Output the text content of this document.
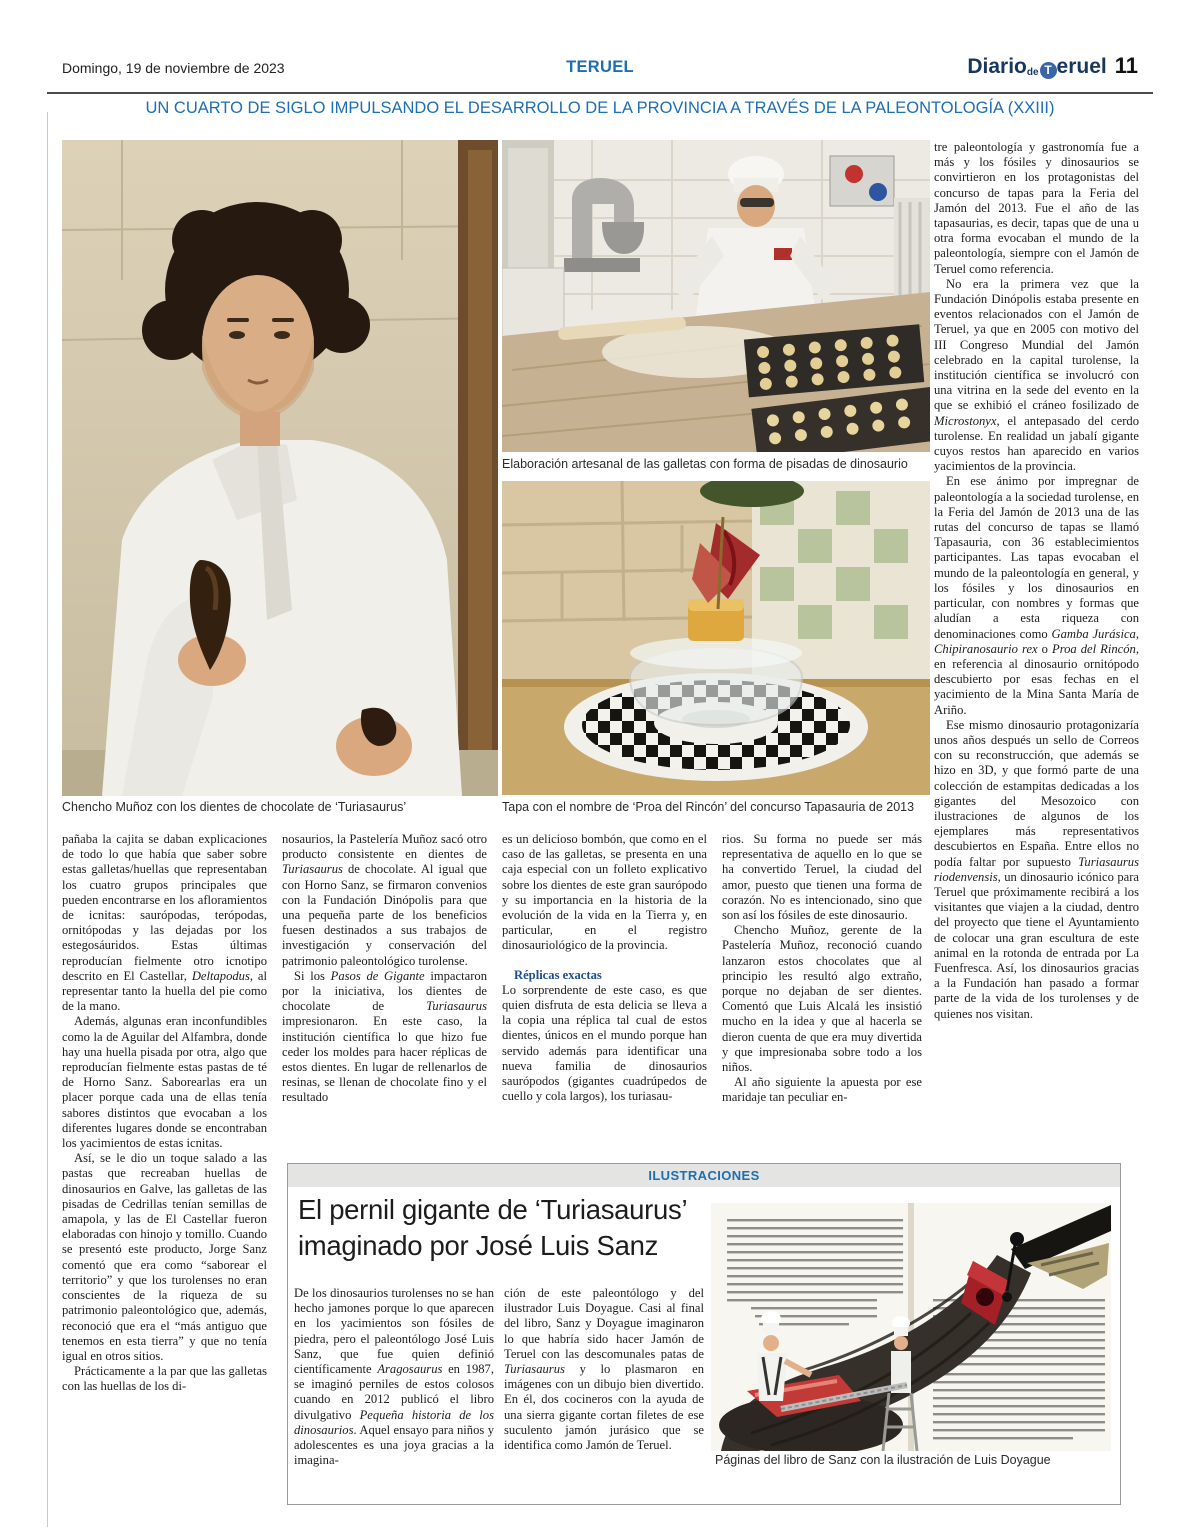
Domingo, 19 de noviembre de 2023	TERUEL	Diariode T eruel 11
UN CUARTO DE SIGLO IMPULSANDO EL DESARROLLO DE LA PROVINCIA A TRAVÉS DE LA PALEONTOLOGÍA (XXIII)
Chencho Muñoz con los dientes de chocolate de ‘Turiasaurus’
Elaboración artesanal de las galletas con forma de pisadas de dinosaurio
Tapa con el nombre de ‘Proa del Rincón’ del concurso Tapasauria de 2013

tre paleontología y gastronomía fue a más y los fósiles y dinosaurios se convirtieron en los protagonistas del concurso de tapas para la Feria del Jamón del 2013. Fue el año de las tapasaurias, es decir, tapas que de una u otra forma evocaban el mundo de la paleontología, siempre con el Jamón de Teruel como referencia.

No era la primera vez que la Fundación Dinópolis estaba presente en eventos relacionados con el Jamón de Teruel, ya que en 2005 con motivo del III Congreso Mundial del Jamón celebrado en la capital turolense, la institución científica se involucró con una vitrina en la sede del evento en la que se exhibió el cráneo fosilizado de Microstonyx, el antepasado del cerdo turolense. En realidad un jabalí gigante cuyos restos han aparecido en varios yacimientos de la provincia.

En ese ánimo por impregnar de paleontología a la sociedad turolense, en la Feria del Jamón de 2013 una de las rutas del concurso de tapas se llamó Tapasauria, con 36 establecimientos participantes. Las tapas evocaban el mundo de la paleontología en general, y los fósiles y los dinosaurios en particular, con nombres y formas que aludían a esta riqueza con denominaciones como Gamba Jurásica, Chipiranosaurio rex o Proa del Rincón, en referencia al dinosaurio ornitópodo descubierto por esas fechas en el yacimiento de la Mina Santa María de Ariño.

Ese mismo dinosaurio protagonizaría unos años después un sello de Correos con su reconstrucción, que además se hizo en 3D, y que formó parte de una colección de estampitas dedicadas a los gigantes del Mesozoico con ilustraciones de algunos de los ejemplares más representativos descubiertos en España. Entre ellos no podía faltar por supuesto Turiasaurus riodenvensis, un dinosaurio icónico para Teruel que próximamente recibirá a los visitantes que viajen a la ciudad, dentro del proyecto que tiene el Ayuntamiento de colocar una gran escultura de este animal en la rotonda de entrada por La Fuenfresca. Así, los dinosaurios gracias a la Fundación han pasado a formar parte de la vida de los turolenses y de quienes nos visitan.

pañaba la cajita se daban explicaciones de todo lo que había que saber sobre estas galletas/huellas que representaban los cuatro grupos principales que pueden encontrarse en los afloramientos de icnitas: saurópodas, terópodas, ornitópodas y las dejadas por los estegosáuridos. Estas últimas reproducían fielmente otro icnotipo descrito en El Castellar, Deltapodus, al representar tanto la huella del pie como de la mano.

Además, algunas eran inconfundibles como la de Aguilar del Alfambra, donde hay una huella pisada por otra, algo que reproducían fielmente estas pastas de té de Horno Sanz. Saborearlas era un placer porque cada una de ellas tenía sabores distintos que evocaban a los diferentes lugares donde se encontraban los yacimientos de estas icnitas.

Así, se le dio un toque salado a las pastas que recreaban huellas de dinosaurios en Galve, las galletas de las pisadas de Cedrillas tenían semillas de amapola, y las de El Castellar fueron elaboradas con hinojo y tomillo. Cuando se presentó este producto, Jorge Sanz comentó que era como “saborear el territorio” y que los turolenses no eran conscientes de la riqueza de su patrimonio paleontológico que, además, reconoció que era el “más antiguo que tenemos en esta tierra” y que no tenía igual en otros sitios.

Prácticamente a la par que las galletas con las huellas de los di-

nosaurios, la Pastelería Muñoz sacó otro producto consistente en dientes de Turiasaurus de chocolate. Al igual que con Horno Sanz, se firmaron convenios con la Fundación Dinópolis para que una pequeña parte de los beneficios fuesen destinados a sus trabajos de investigación y conservación del patrimonio paleontológico turolense.

Si los Pasos de Gigante impactaron por la iniciativa, los dientes de chocolate de Turiasaurus impresionaron. En este caso, la institución científica lo que hizo fue ceder los moldes para hacer réplicas de estos dientes. En lugar de rellenarlos de resinas, se llenan de chocolate fino y el resultado

es un delicioso bombón, que como en el caso de las galletas, se presenta en una caja especial con un folleto explicativo sobre los dientes de este gran saurópodo y su importancia en la historia de la evolución de la vida en la Tierra y, en particular, en el registro dinosauriológico de la provincia.

Réplicas exactas

Lo sorprendente de este caso, es que quien disfruta de esta delicia se lleva a la copia una réplica tal cual de estos dientes, únicos en el mundo porque han servido además para identificar una nueva familia de dinosaurios saurópodos (gigantes cuadrúpedos de cuello y cola largos), los turiasau-

rios. Su forma no puede ser más representativa de aquello en lo que se ha convertido Teruel, la ciudad del amor, puesto que tienen una forma de corazón. No es intencionado, sino que son así los fósiles de este dinosaurio.

Chencho Muñoz, gerente de la Pastelería Muñoz, reconoció cuando lanzaron estos chocolates que al principio les resultó algo extraño, porque no dejaban de ser dientes. Comentó que Luis Alcalá les insistió mucho en la idea y que al hacerla se dieron cuenta de que era muy divertida y que impresionaba sobre todo a los niños.

Al año siguiente la apuesta por ese maridaje tan peculiar en-

ILUSTRACIONES
El pernil gigante de ‘Turiasaurus’ imaginado por José Luis Sanz

De los dinosaurios turolenses no se han hecho jamones porque lo que aparecen en los yacimientos son fósiles de piedra, pero el paleontólogo José Luis Sanz, que fue quien definió científicamente Aragosaurus en 1987, se imaginó perniles de estos colosos cuando en 2012 publicó el libro divulgativo Pequeña historia de los dinosaurios. Aquel ensayo para niños y adolescentes es una joya gracias a la imagina-

ción de este paleontólogo y del ilustrador Luis Doyague. Casi al final del libro, Sanz y Doyague imaginaron lo que habría sido hacer Jamón de Teruel con las descomunales patas de Turiasaurus y lo plasmaron en imágenes con un dibujo bien divertido. En él, dos cocineros con la ayuda de una sierra gigante cortan filetes de ese suculento jamón jurásico que se identifica como Jamón de Teruel.

Páginas del libro de Sanz con la ilustración de Luis Doyague
